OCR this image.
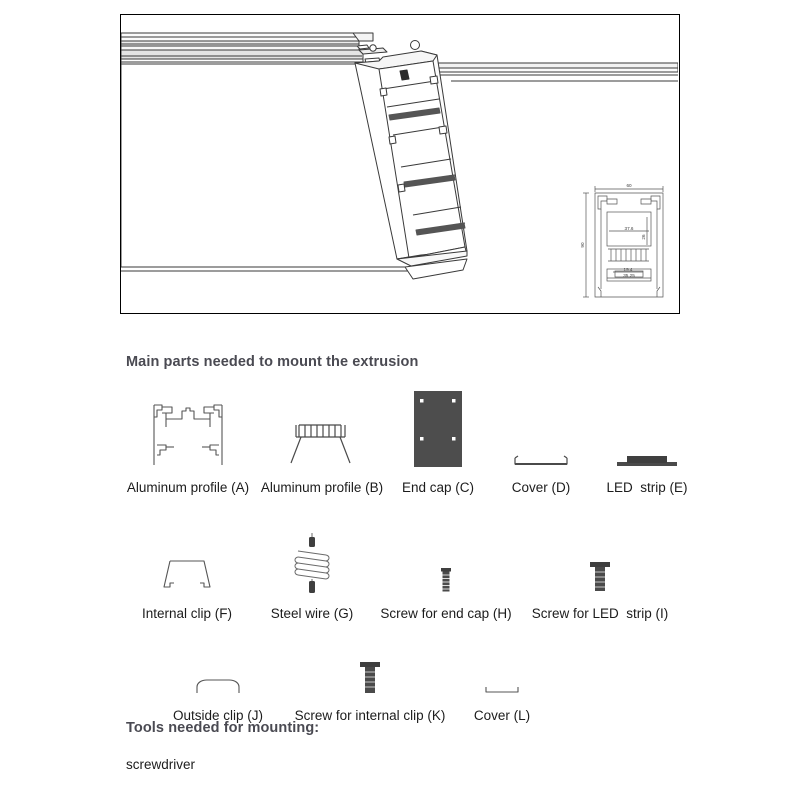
60
37.6
19.4
35.25
90
26
Main parts needed to mount the extrusion
Aluminum profile (A) Aluminum profile (B) End cap (C)	Cover (D)	LED  strip (E)
Internal clip (F)	Steel wire (G) Screw for end cap (H) Screw for LED  strip (I)
Outside clip (J) Screw for internal clip (K) Cover (L)
Tools needed for mounting:
screwdriver
